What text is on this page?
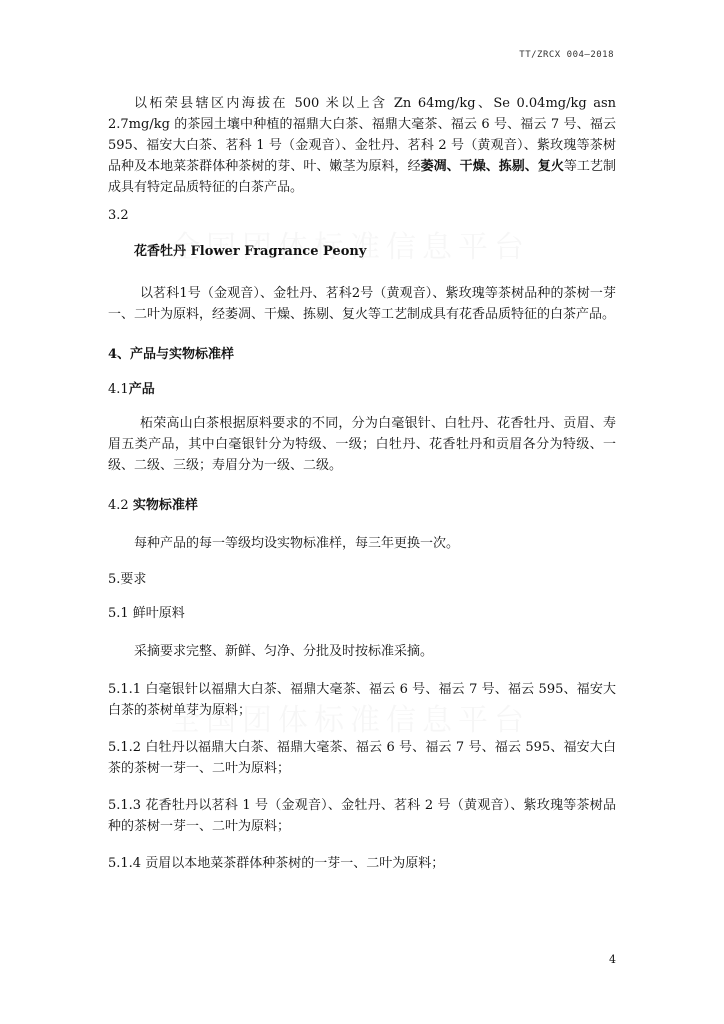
TT/ZRCX 004—2018

以柘荣县辖区内海拔在 500 米以上含 Zn 64mg/kg、Se 0.04mg/kg asn 2.7mg/kg 的茶园土壤中种植的福鼎大白茶、福鼎大毫茶、福云 6 号、福云 7 号、福云 595、福安大白茶、茗科 1 号（金观音）、金牡丹、茗科 2 号（黄观音）、紫玫瑰等茶树品种及本地菜茶群体种茶树的芽、叶、嫩茎为原料，经萎凋、干燥、拣剔、复火等工艺制成具有特定品质特征的白茶产品。

3.2

花香牡丹 Flower Fragrance Peony

以茗科1号（金观音）、金牡丹、茗科2号（黄观音）、紫玫瑰等茶树品种的茶树一芽一、二叶为原料，经萎凋、干燥、拣剔、复火等工艺制成具有花香品质特征的白茶产品。

4、产品与实物标准样

4.1产品

柘荣高山白茶根据原料要求的不同，分为白毫银针、白牡丹、花香牡丹、贡眉、寿眉五类产品，其中白毫银针分为特级、一级；白牡丹、花香牡丹和贡眉各分为特级、一级、二级、三级；寿眉分为一级、二级。

4.2 实物标准样

每种产品的每一等级均设实物标准样，每三年更换一次。

5.要求

5.1 鲜叶原料

采摘要求完整、新鲜、匀净、分批及时按标准采摘。

5.1.1 白毫银针以福鼎大白茶、福鼎大毫茶、福云 6 号、福云 7 号、福云 595、福安大白茶的茶树单芽为原料；

5.1.2 白牡丹以福鼎大白茶、福鼎大毫茶、福云 6 号、福云 7 号、福云 595、福安大白茶的茶树一芽一、二叶为原料；

5.1.3 花香牡丹以茗科 1 号（金观音）、金牡丹、茗科 2 号（黄观音）、紫玫瑰等茶树品种的茶树一芽一、二叶为原料；

5.1.4 贡眉以本地菜茶群体种茶树的一芽一、二叶为原料；

4
